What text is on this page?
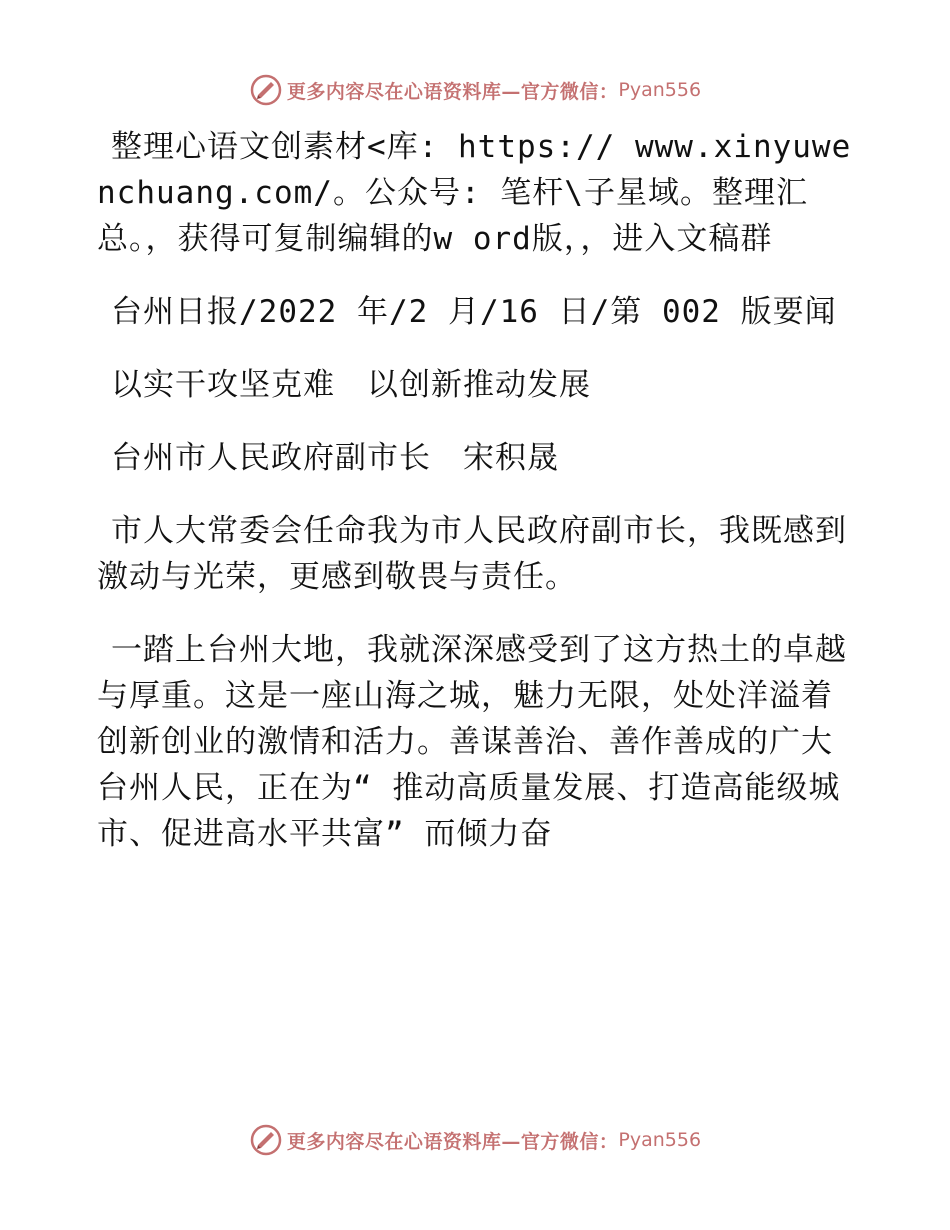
更多内容尽在心语资料库—官方微信： Pyan556

整理心语文创素材<库: https:// www.xinyuwenchuang.com/。公众号: 笔杆\子星域。整理汇总。，获得可复制编辑的w ord版，，进入文稿群

台州日报/2022 年/2 月/16 日/第 002 版要闻

以实干攻坚克难　以创新推动发展

台州市人民政府副市长　宋积晟

市人大常委会任命我为市人民政府副市长，我既感到激动与光荣，更感到敬畏与责任。

一踏上台州大地，我就深深感受到了这方热土的卓越与厚重。这是一座山海之城，魅力无限，处处洋溢着创新创业的激情和活力。善谋善治、善作善成的广大台州人民，正在为“ 推动高质量发展、打造高能级城市、促进高水平共富” 而倾力奋

更多内容尽在心语资料库—官方微信： Pyan556
